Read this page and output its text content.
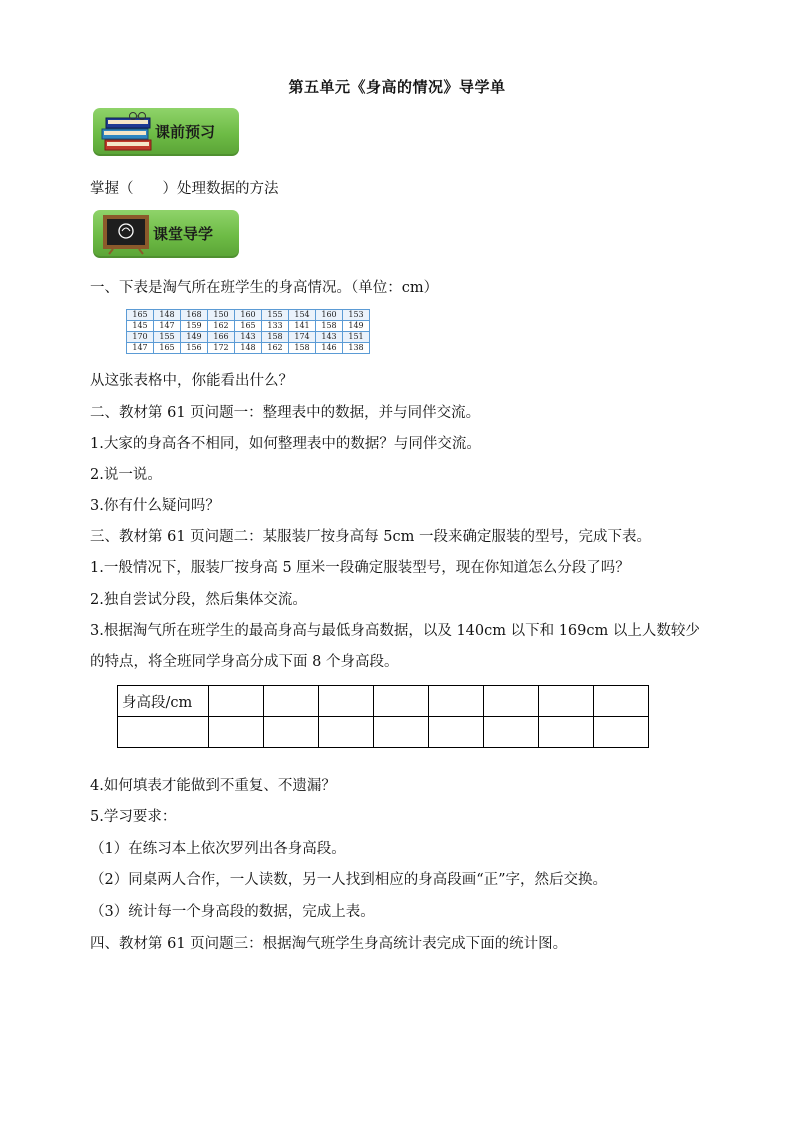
第五单元《身高的情况》导学单
课前预习
掌握（　　）处理数据的方法
课堂导学
一、下表是淘气所在班学生的身高情况。（单位：cm）
165	148	168	150	160	155	154	160	153
145	147	159	162	165	133	141	158	149
170	155	149	166	143	158	174	143	151
147	165	156	172	148	162	158	146	138
从这张表格中，你能看出什么？
二、教材第 61 页问题一：整理表中的数据，并与同伴交流。
1.大家的身高各不相同，如何整理表中的数据？与同伴交流。
2.说一说。
3.你有什么疑问吗？
三、教材第 61 页问题二：某服装厂按身高每 5cm 一段来确定服装的型号，完成下表。
1.一般情况下，服装厂按身高 5 厘米一段确定服装型号，现在你知道怎么分段了吗？
2.独自尝试分段，然后集体交流。
3.根据淘气所在班学生的最高身高与最低身高数据，以及 140cm 以下和 169cm 以上人数较少的特点，将全班同学身高分成下面 8 个身高段。
身高段/cm								

4.如何填表才能做到不重复、不遗漏？
5.学习要求：
（1）在练习本上依次罗列出各身高段。
（2）同桌两人合作，一人读数，另一人找到相应的身高段画“正”字，然后交换。
（3）统计每一个身高段的数据，完成上表。
四、教材第 61 页问题三：根据淘气班学生身高统计表完成下面的统计图。
